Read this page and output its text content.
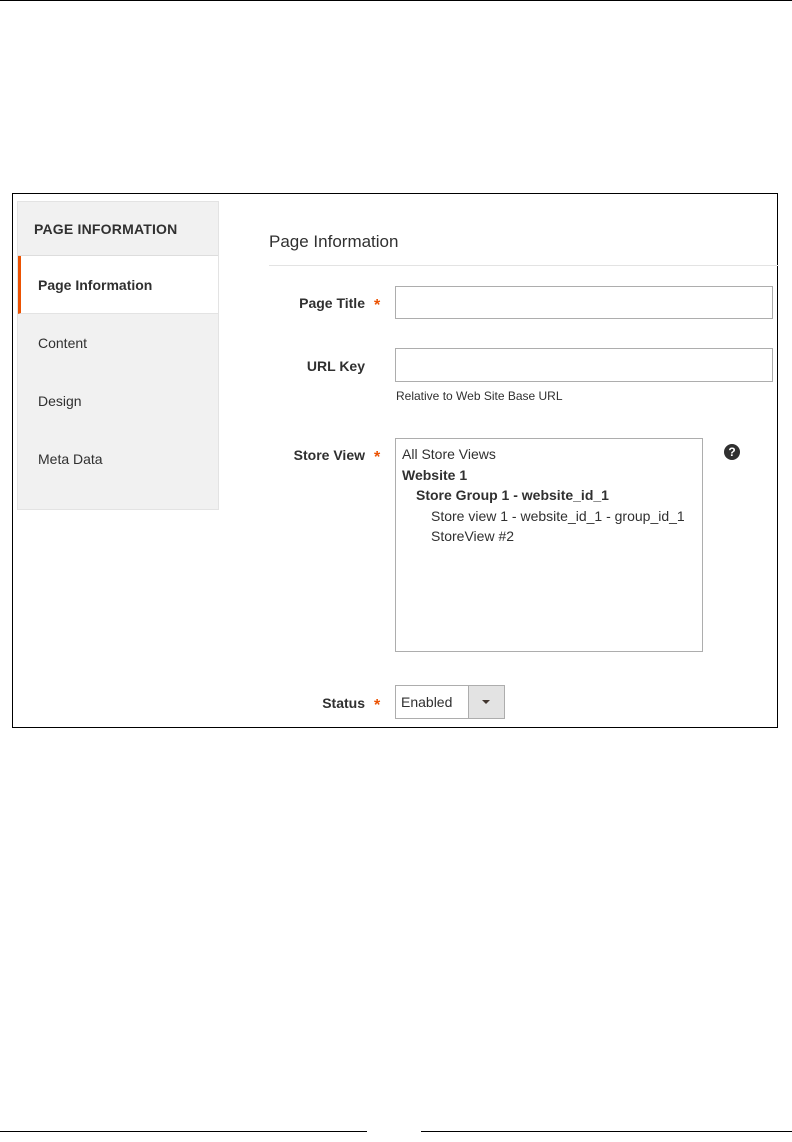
PAGE INFORMATION
Page Information
Content
Design
Meta Data
Page Information
Page Title *
URL Key
Relative to Web Site Base URL
Store View *	All Store Views
Website 1
Store Group 1 - website_id_1
Store view 1 - website_id_1 - group_id_1
StoreView #2
?
Status * Enabled
